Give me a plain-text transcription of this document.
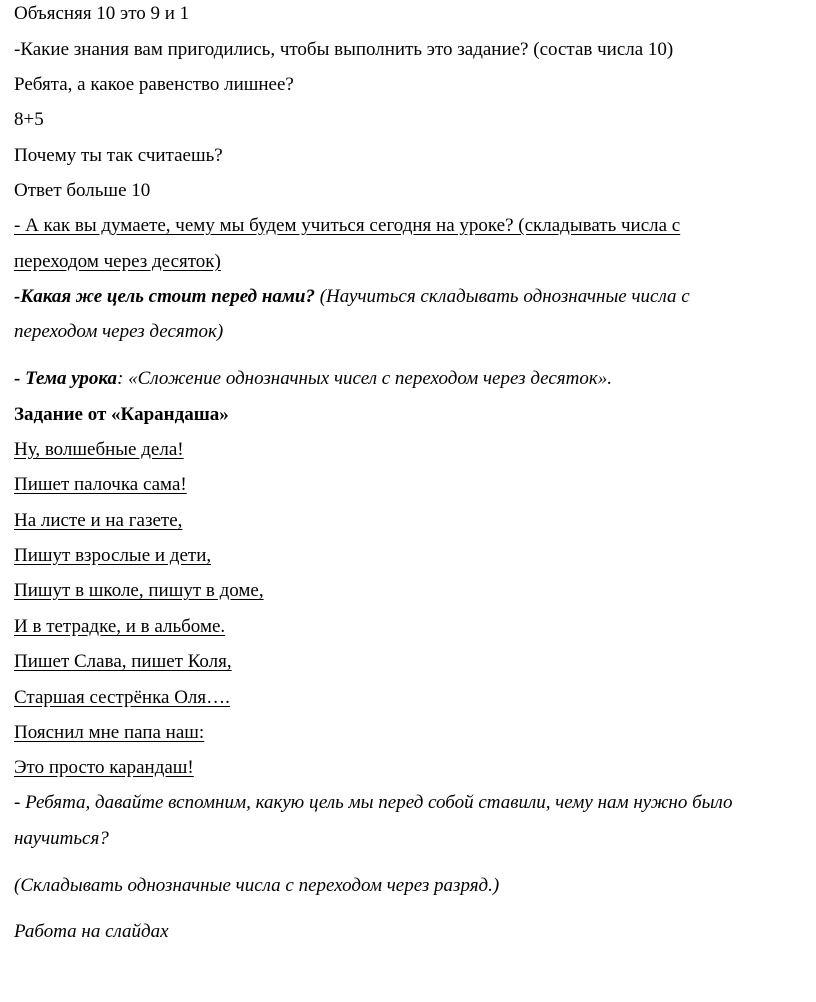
Объясняя 10 это 9 и 1
-Какие знания вам пригодились, чтобы выполнить это задание? (состав числа 10)
Ребята, а какое равенство лишнее?
8+5
Почему ты так считаешь?
Ответ больше 10
- А как вы думаете, чему мы будем учиться сегодня на уроке? (складывать числа с
переходом через десяток)
-Какая же цель стоит перед нами? (Научиться складывать однозначные числа с
переходом через десяток)
- Тема урока: «Сложение однозначных чисел с переходом через десяток».
Задание от «Карандаша»
Ну, волшебные дела!
Пишет палочка сама!
На листе и на газете,
Пишут взрослые и дети,
Пишут в школе, пишут в доме,
И в тетрадке, и в альбоме.
Пишет Слава, пишет Коля,
Старшая сестрёнка Оля….
Пояснил мне папа наш:
Это просто карандаш!
- Ребята, давайте вспомним, какую цель мы перед собой ставили, чему нам нужно было
научиться?
(Складывать однозначные числа с переходом через разряд.)
Работа на слайдах
